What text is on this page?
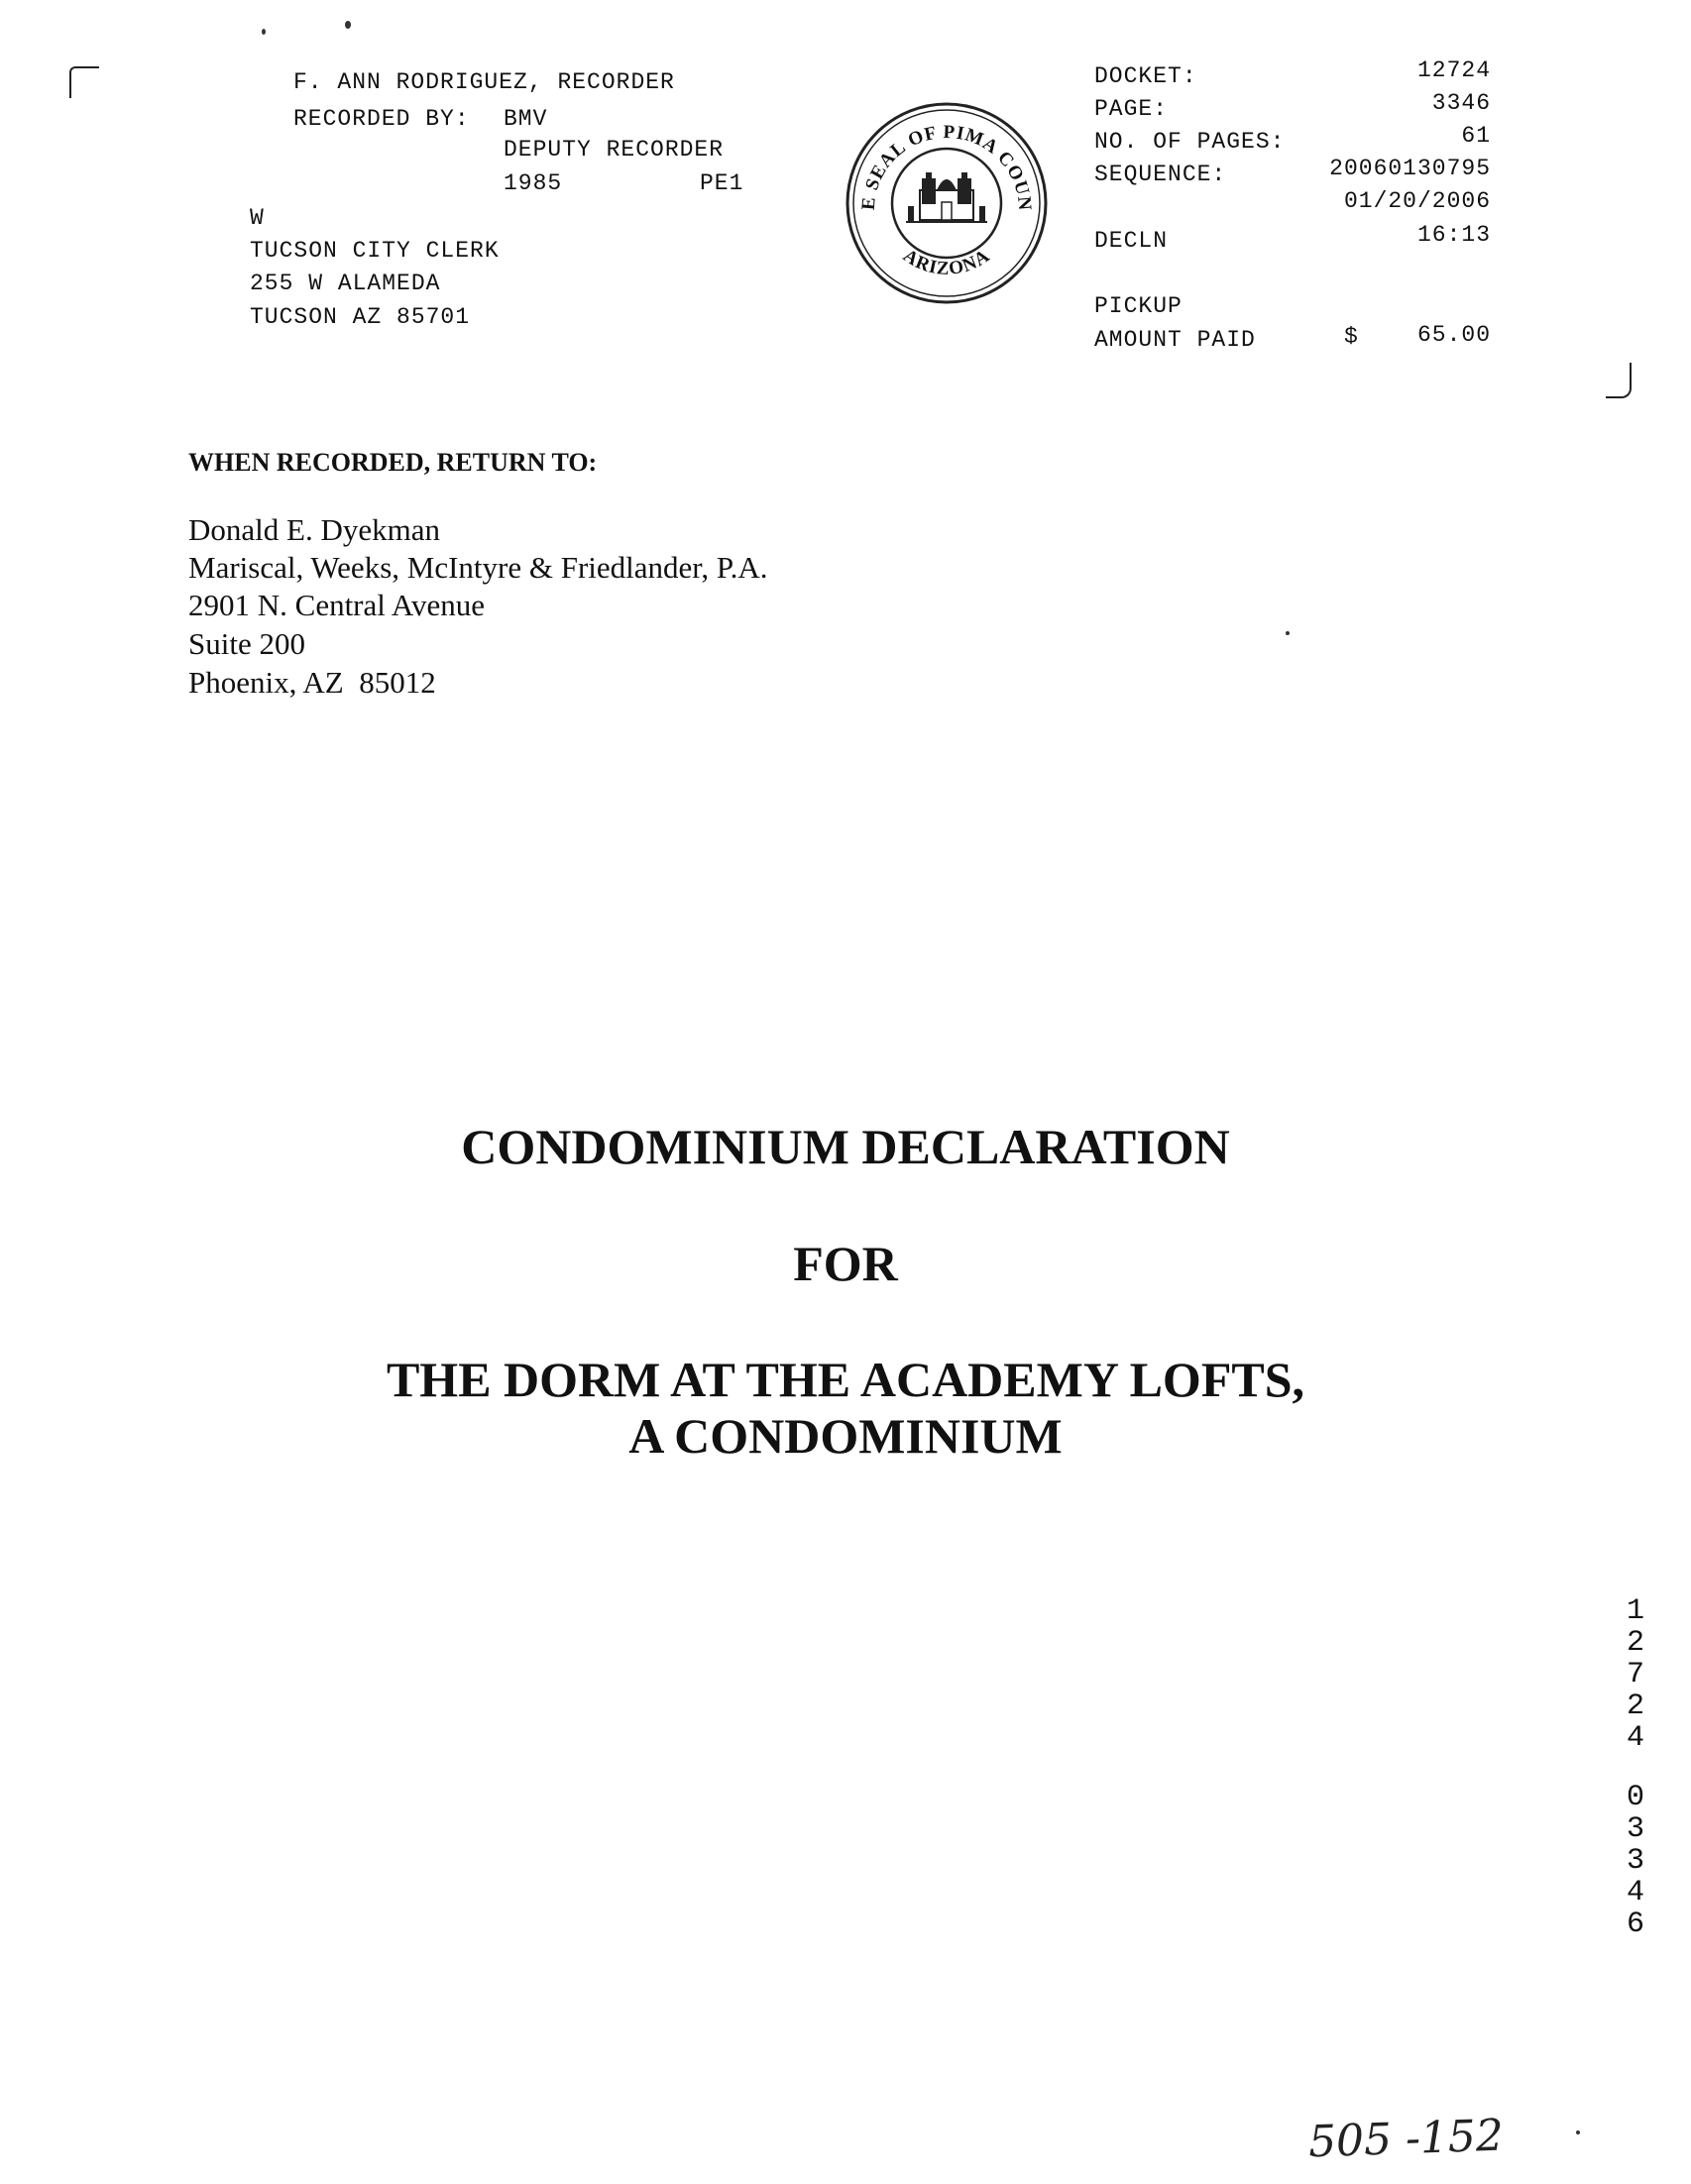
F. ANN RODRIGUEZ, RECORDER
RECORDED BY: BMV
DEPUTY RECORDER
1985	PE1
W
TUCSON CITY CLERK
255 W ALAMEDA
TUCSON AZ 85701
E SEAL OF PIMA COUN
ARIZONA
DOCKET:	12724
PAGE:	3346
NO. OF PAGES:	61
SEQUENCE:	20060130795
01/20/2006
DECLN	16:13
PICKUP
AMOUNT PAID	$	65.00
WHEN RECORDED, RETURN TO:
Donald E. Dyekman
Mariscal, Weeks, McIntyre & Friedlander, P.A.
2901 N. Central Avenue
Suite 200
Phoenix, AZ  85012
CONDOMINIUM DECLARATION
FOR
THE DORM AT THE ACADEMY LOFTS,
A CONDOMINIUM
1
2
7
2
4
0
3
3
4
6
505 -152
